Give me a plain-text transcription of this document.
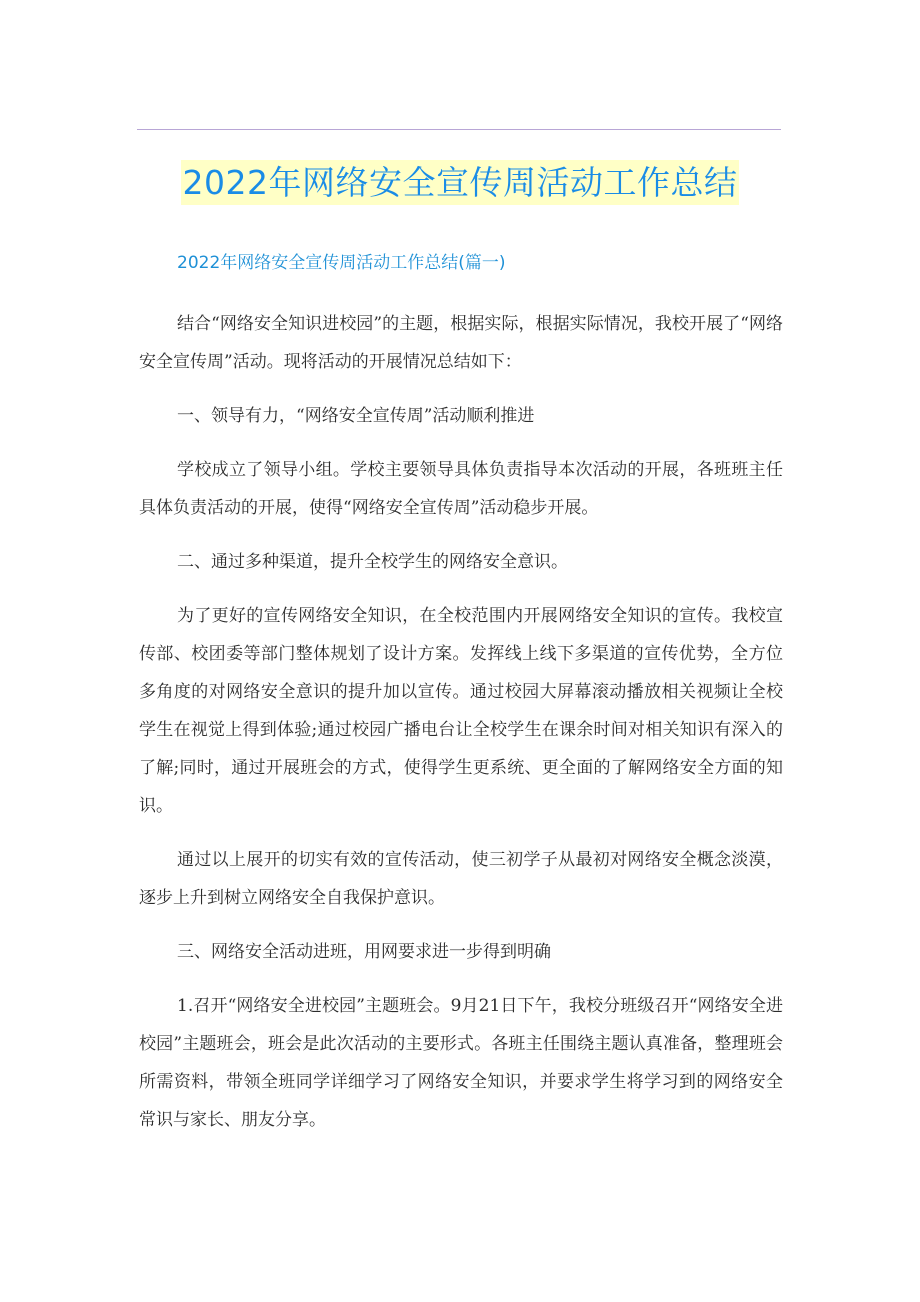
2022年网络安全宣传周活动工作总结
2022年网络安全宣传周活动工作总结(篇一)

结合“网络安全知识进校园”的主题，根据实际，根据实际情况，我校开展了“网络安全宣传周”活动。现将活动的开展情况总结如下：

一、领导有力，“网络安全宣传周”活动顺利推进

学校成立了领导小组。学校主要领导具体负责指导本次活动的开展，各班班主任具体负责活动的开展，使得“网络安全宣传周”活动稳步开展。

二、通过多种渠道，提升全校学生的网络安全意识。

为了更好的宣传网络安全知识，在全校范围内开展网络安全知识的宣传。我校宣传部、校团委等部门整体规划了设计方案。发挥线上线下多渠道的宣传优势，全方位多角度的对网络安全意识的提升加以宣传。通过校园大屏幕滚动播放相关视频让全校学生在视觉上得到体验;通过校园广播电台让全校学生在课余时间对相关知识有深入的了解;同时，通过开展班会的方式，使得学生更系统、更全面的了解网络安全方面的知识。

通过以上展开的切实有效的宣传活动，使三初学子从最初对网络安全概念淡漠，逐步上升到树立网络安全自我保护意识。

三、网络安全活动进班，用网要求进一步得到明确

1.召开“网络安全进校园”主题班会。9月21日下午，我校分班级召开“网络安全进校园”主题班会，班会是此次活动的主要形式。各班主任围绕主题认真准备，整理班会所需资料，带领全班同学详细学习了网络安全知识，并要求学生将学习到的网络安全常识与家长、朋友分享。
